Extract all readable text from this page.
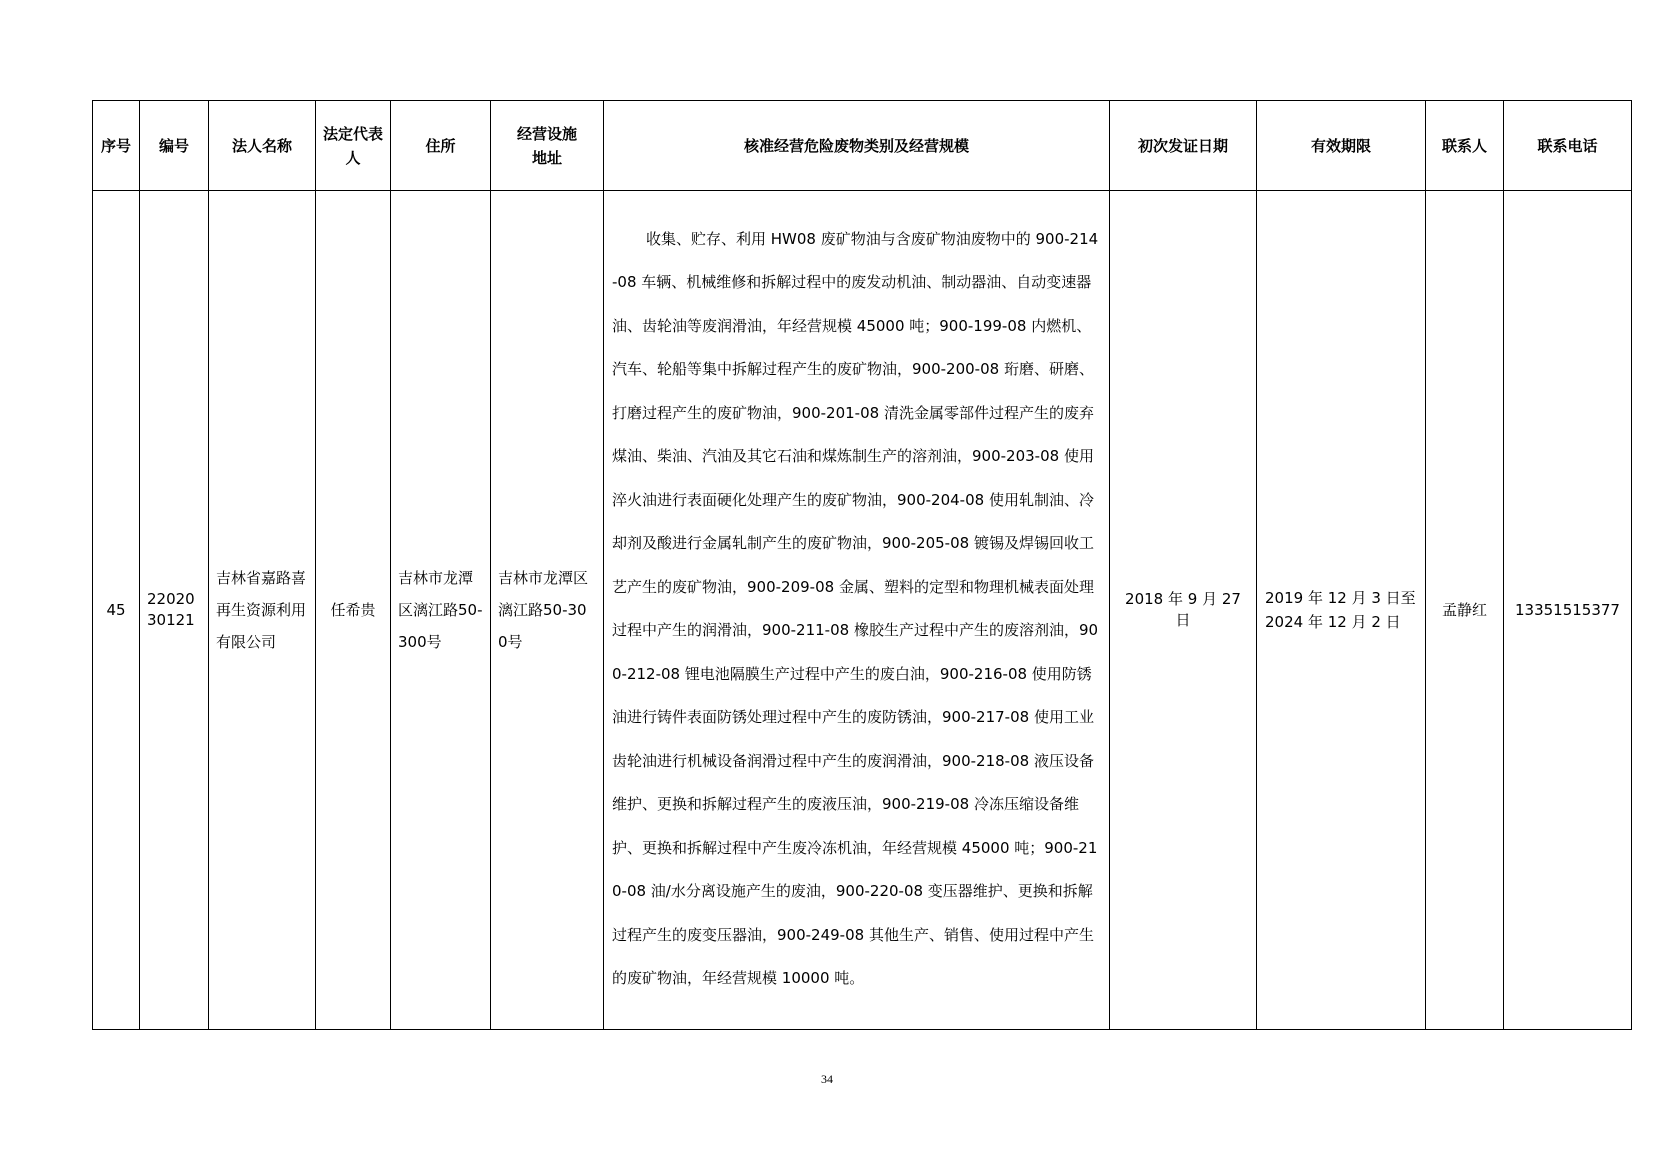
序号	编号	法人名称	法定代表人	住所	经营设施地址	核准经营危险废物类别及经营规模	初次发证日期	有效期限	联系人	联系电话

45	2202030121	吉林省嘉路喜再生资源利用有限公司	任希贵	吉林市龙潭区漓江路50-300号	吉林市龙潭区漓江路50-300号	收集、贮存、利用 HW08 废矿物油与含废矿物油废物中的 900-214-08 车辆、机械维修和拆解过程中的废发动机油、制动器油、自动变速器油、齿轮油等废润滑油，年经营规模 45000 吨；900-199-08 内燃机、汽车、轮船等集中拆解过程产生的废矿物油，900-200-08 珩磨、研磨、打磨过程产生的废矿物油，900-201-08 清洗金属零部件过程产生的废弃煤油、柴油、汽油及其它石油和煤炼制生产的溶剂油，900-203-08 使用淬火油进行表面硬化处理产生的废矿物油，900-204-08 使用轧制油、冷却剂及酸进行金属轧制产生的废矿物油，900-205-08 镀锡及焊锡回收工艺产生的废矿物油，900-209-08 金属、塑料的定型和物理机械表面处理过程中产生的润滑油，900-211-08 橡胶生产过程中产生的废溶剂油，900-212-08 锂电池隔膜生产过程中产生的废白油，900-216-08 使用防锈油进行铸件表面防锈处理过程中产生的废防锈油，900-217-08 使用工业齿轮油进行机械设备润滑过程中产生的废润滑油，900-218-08 液压设备维护、更换和拆解过程产生的废液压油，900-219-08 冷冻压缩设备维护、更换和拆解过程中产生废冷冻机油，年经营规模 45000 吨；900-210-08 油/水分离设施产生的废油，900-220-08 变压器维护、更换和拆解过程产生的废变压器油，900-249-08 其他生产、销售、使用过程中产生的废矿物油，年经营规模 10000 吨。	2018 年 9 月 27 日	2019 年 12 月 3 日至 2024 年 12 月 2 日	孟静红	13351515377
34
